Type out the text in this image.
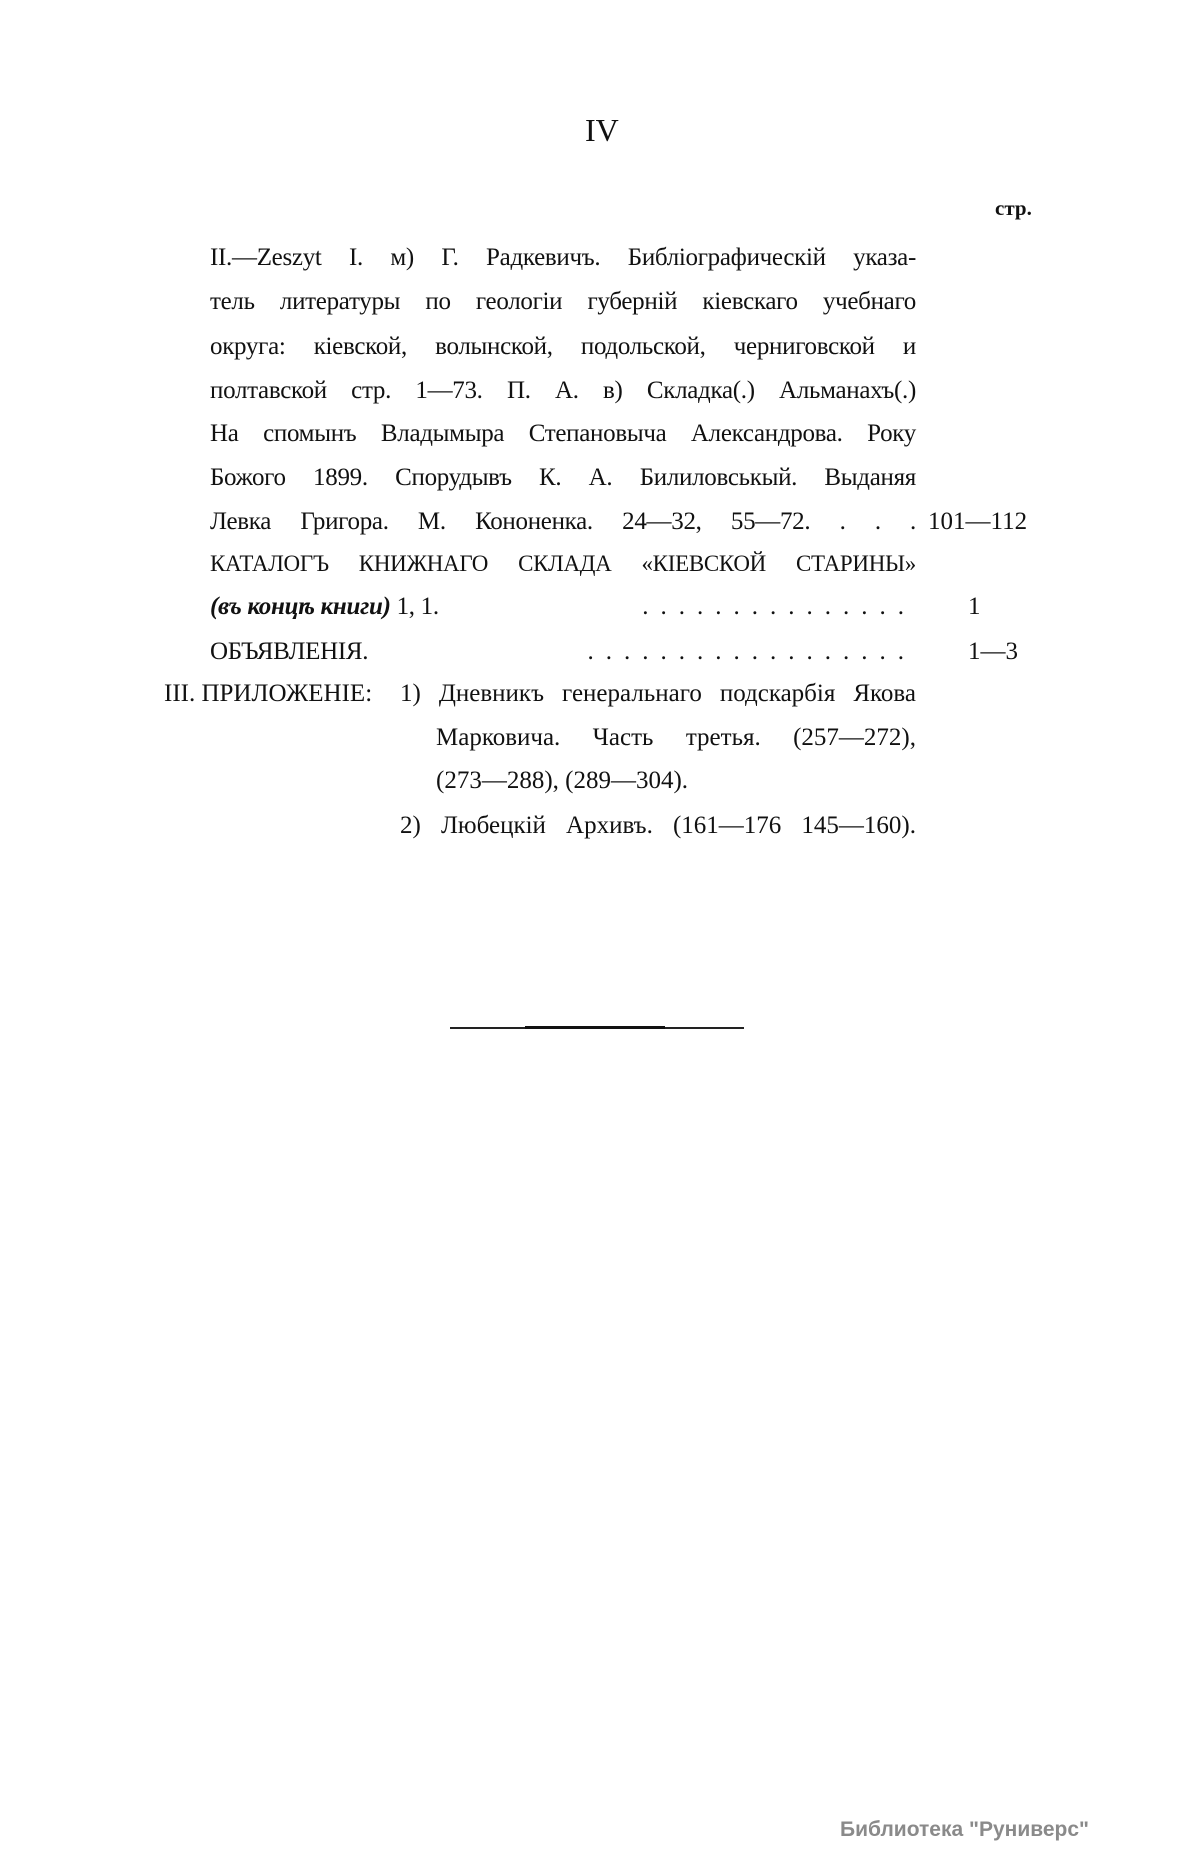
IV
стр.
II.—Zeszyt I. м) Г. Радкевичъ. Библіографическій указа-
тель литературы по геологіи губерній кіевскаго учебнаго
округа: кіевской, волынской, подольской, черниговской и
полтавской стр. 1—73. П. А. в) Складка(.) Альманахъ(.)
На спомынъ Владымыра Степановыча Александрова. Року
Божого 1899. Спорудывъ К. А. Билиловськый. Выданяя
Левка Григора. М. Кононенка. 24—32, 55—72. . . . 101—112
КАТАЛОГЪ КНИЖНАГО СКЛАДА «КІЕВСКОЙ СТАРИНЫ»
(въ концѣ книги) 1, 1.	............... 1
ОБЪЯВЛЕНІЯ.	.................. 1—3
III. ПРИЛОЖЕНІЕ: 1) Дневникъ генеральнаго подскарбія Якова
Марковича. Часть третья. (257—272),
(273—288), (289—304).
2) Любецкій Архивъ. (161—176 145—160).
Библиотека "Руниверс"
